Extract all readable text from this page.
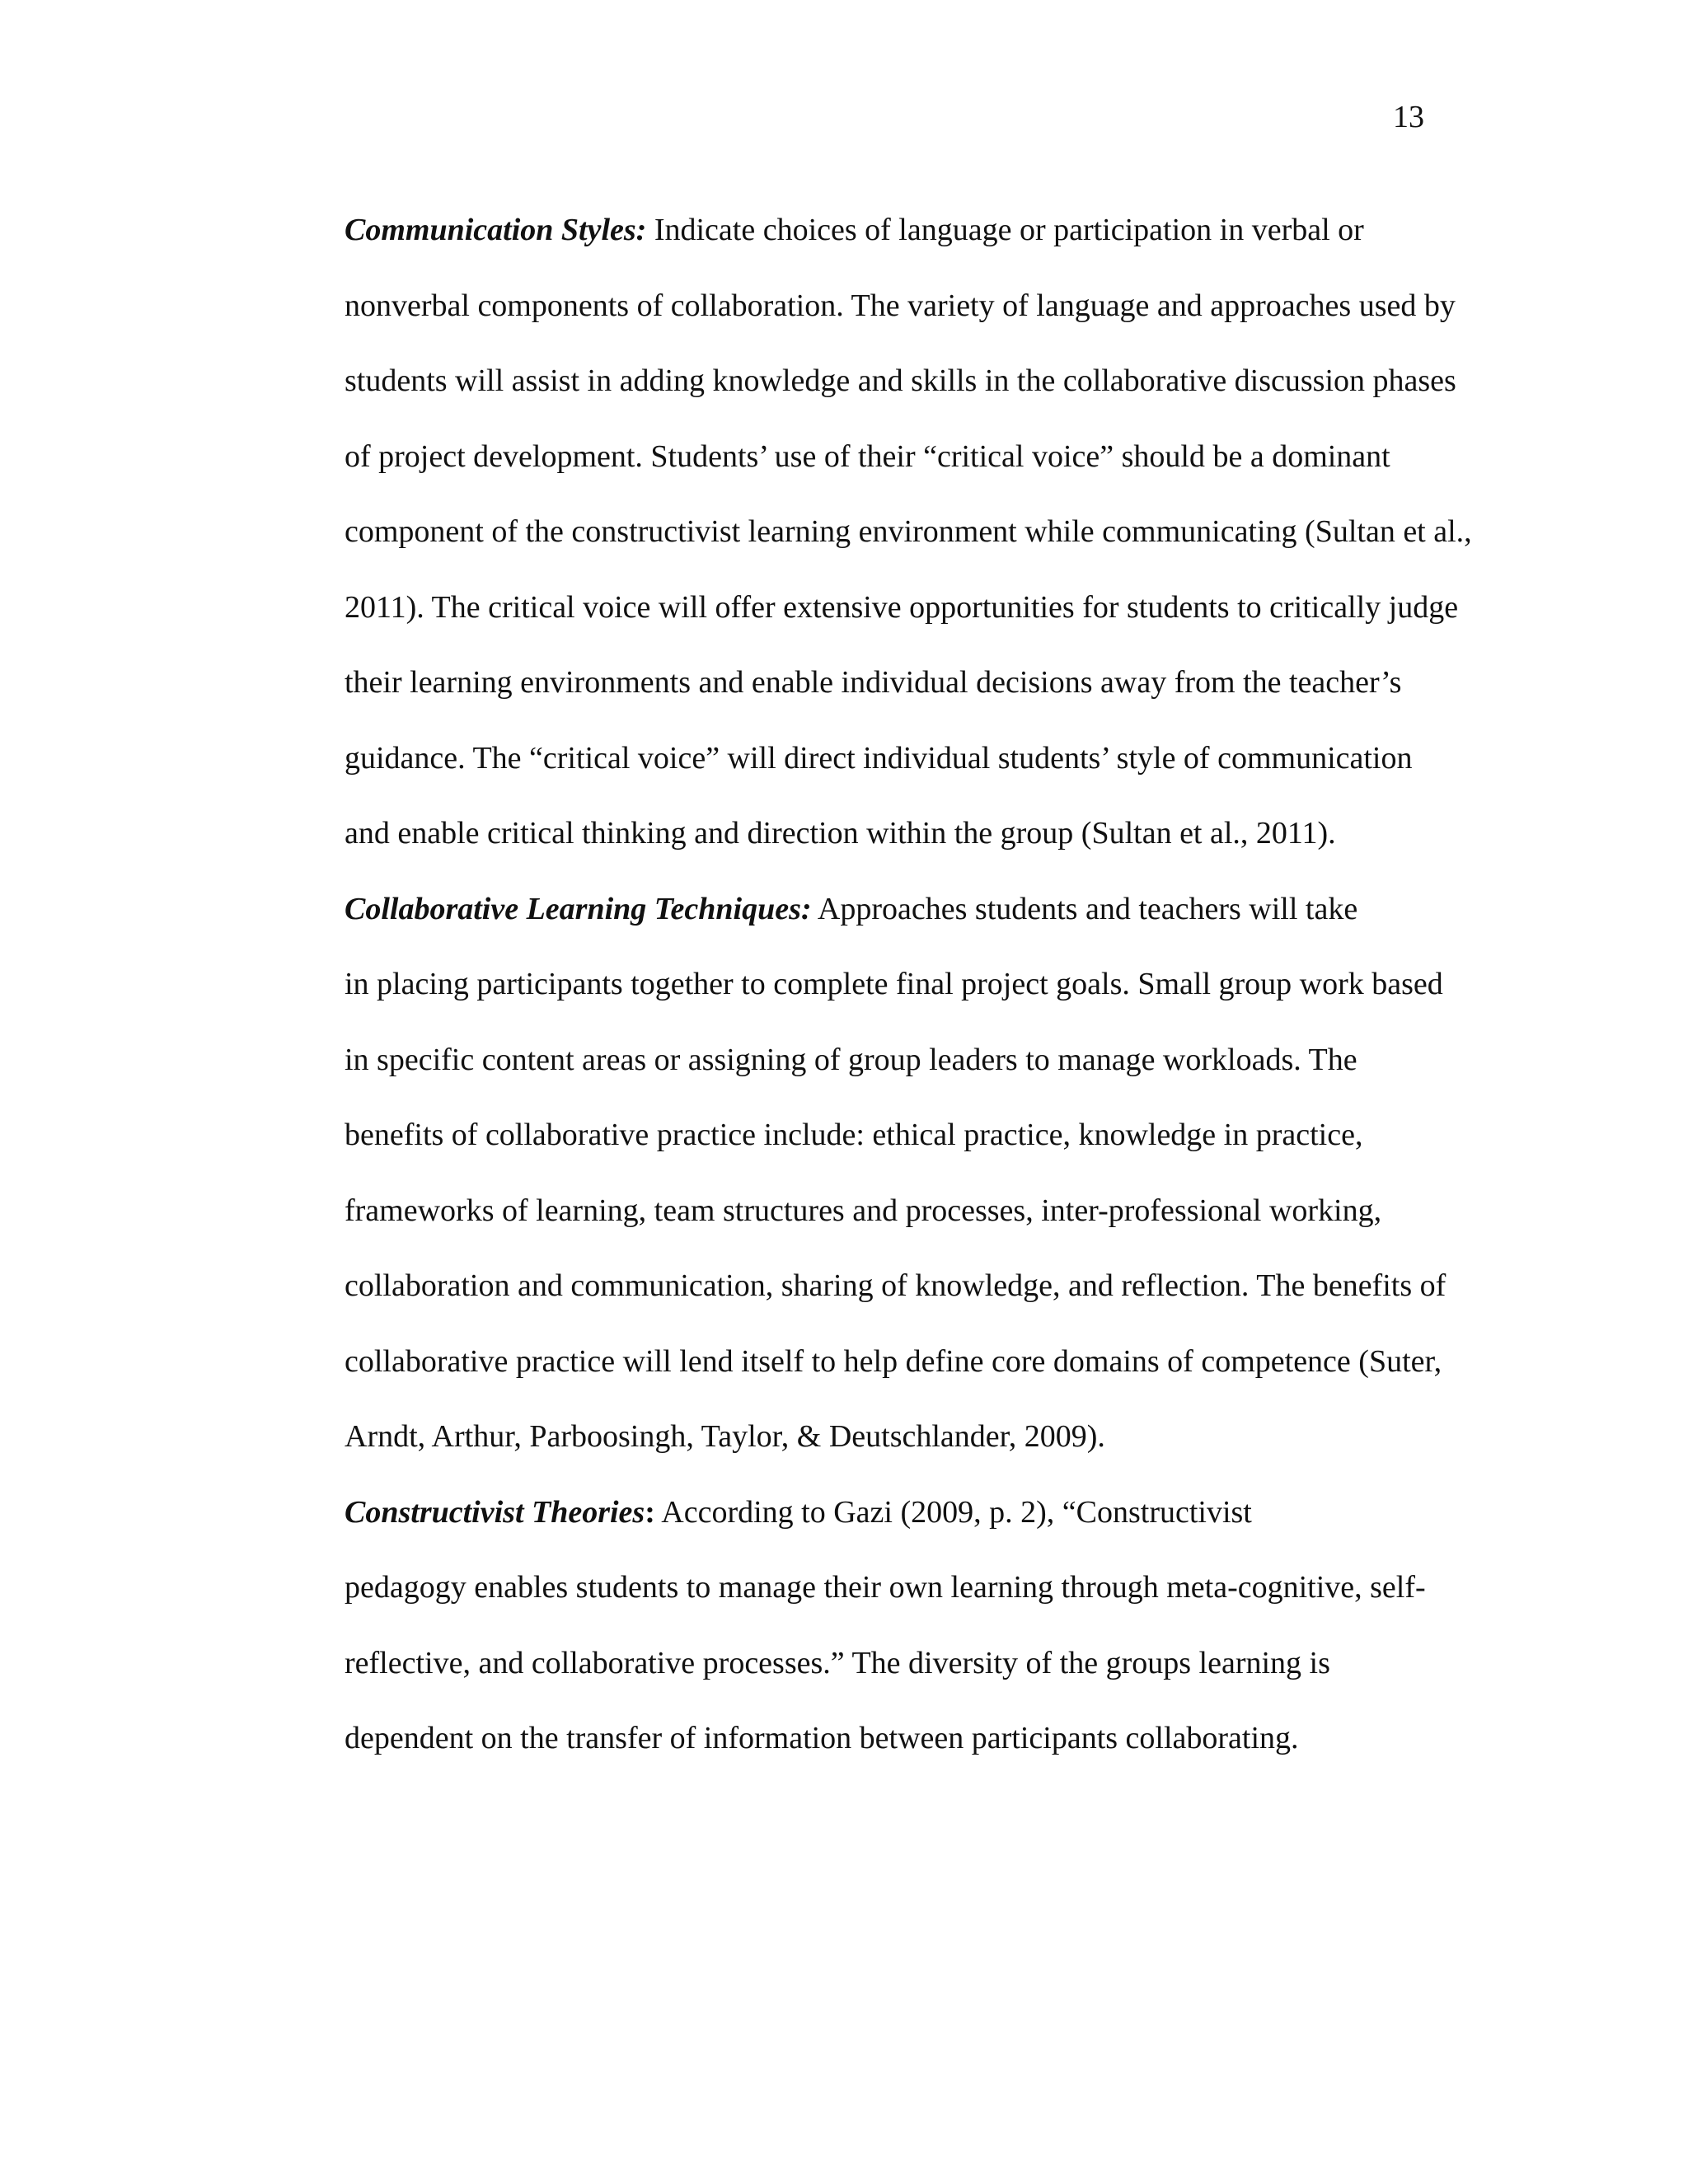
13

Communication Styles: Indicate choices of language or participation in verbal or
nonverbal components of collaboration. The variety of language and approaches used by
students will assist in adding knowledge and skills in the collaborative discussion phases
of project development. Students’ use of their “critical voice” should be a dominant
component of the constructivist learning environment while communicating (Sultan et al.,
2011). The critical voice will offer extensive opportunities for students to critically judge
their learning environments and enable individual decisions away from the teacher’s
guidance. The “critical voice” will direct individual students’ style of communication
and enable critical thinking and direction within the group (Sultan et al., 2011).

Collaborative Learning Techniques: Approaches students and teachers will take
in placing participants together to complete final project goals. Small group work based
in specific content areas or assigning of group leaders to manage workloads. The
benefits of collaborative practice include: ethical practice, knowledge in practice,
frameworks of learning, team structures and processes, inter-professional working,
collaboration and communication, sharing of knowledge, and reflection. The benefits of
collaborative practice will lend itself to help define core domains of competence (Suter,
Arndt, Arthur, Parboosingh, Taylor, & Deutschlander, 2009).

Constructivist Theories: According to Gazi (2009, p. 2), “Constructivist
pedagogy enables students to manage their own learning through meta-cognitive, self-
reflective, and collaborative processes.” The diversity of the groups learning is
dependent on the transfer of information between participants collaborating.
